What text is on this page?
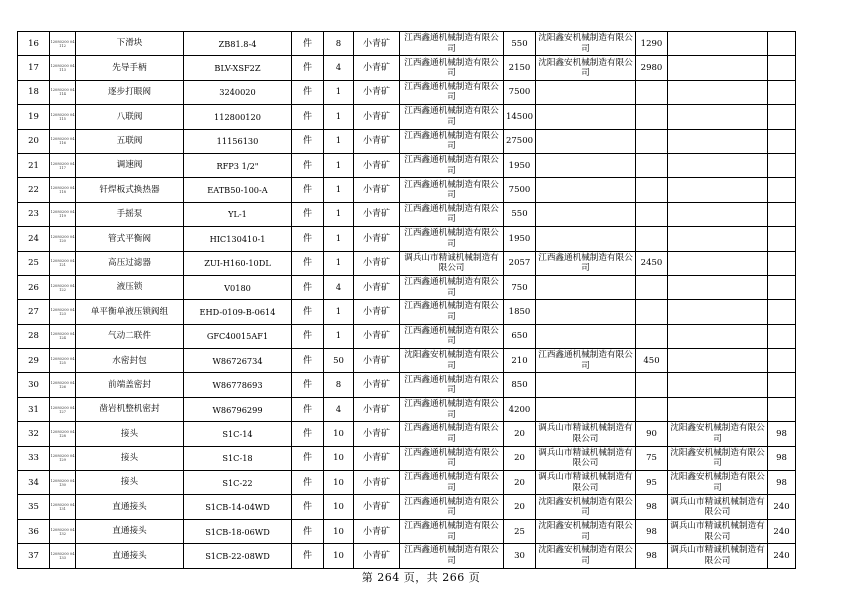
16	12080200 04112	下滑块	ZB81.8-4	件	8	小青矿	江西鑫通机械制造有限公司	550	沈阳鑫安机械制造有限公司	1290		
17	12080200 04113	先导手柄	BLV-XSF2Z	件	4	小青矿	江西鑫通机械制造有限公司	2150	沈阳鑫安机械制造有限公司	2980		
18	12080200 04114	逐步打眼阀	3240020	件	1	小青矿	江西鑫通机械制造有限公司	7500				
19	12080200 04115	八联阀	112800120	件	1	小青矿	江西鑫通机械制造有限公司	14500				
20	12080200 04116	五联阀	11156130	件	1	小青矿	江西鑫通机械制造有限公司	27500				
21	12080200 04117	调速阀	RFP3 1/2"	件	1	小青矿	江西鑫通机械制造有限公司	1950				
22	12080200 04118	钎焊板式换热器	EATB50-100-A	件	1	小青矿	江西鑫通机械制造有限公司	7500				
23	12080200 04119	手摇泵	YL-1	件	1	小青矿	江西鑫通机械制造有限公司	550				
24	12080200 04120	管式平衡阀	HIC130410-1	件	1	小青矿	江西鑫通机械制造有限公司	1950				
25	12080200 04121	高压过滤器	ZUI-H160-10DL	件	1	小青矿	调兵山市精诚机械制造有限公司	2057	江西鑫通机械制造有限公司	2450		
26	12080200 04122	液压锁	V0180	件	4	小青矿	江西鑫通机械制造有限公司	750				
27	12080200 04123	单平衡单液压锁阀组	EHD-0109-B-0614	件	1	小青矿	江西鑫通机械制造有限公司	1850				
28	12080200 04124	气动二联件	GFC40015AF1	件	1	小青矿	江西鑫通机械制造有限公司	650				
29	12080200 04125	水密封包	W86726734	件	50	小青矿	沈阳鑫安机械制造有限公司	210	江西鑫通机械制造有限公司	450		
30	12080200 04126	前端盖密封	W86778693	件	8	小青矿	江西鑫通机械制造有限公司	850				
31	12080200 04127	凿岩机整机密封	W86796299	件	4	小青矿	江西鑫通机械制造有限公司	4200				
32	12080200 04128	接头	S1C-14	件	10	小青矿	江西鑫通机械制造有限公司	20	调兵山市精诚机械制造有限公司	90	沈阳鑫安机械制造有限公司	98
33	12080200 04129	接头	S1C-18	件	10	小青矿	江西鑫通机械制造有限公司	20	调兵山市精诚机械制造有限公司	75	沈阳鑫安机械制造有限公司	98
34	12080200 04130	接头	S1C-22	件	10	小青矿	江西鑫通机械制造有限公司	20	调兵山市精诚机械制造有限公司	95	沈阳鑫安机械制造有限公司	98
35	12080200 04131	直通接头	S1CB-14-04WD	件	10	小青矿	江西鑫通机械制造有限公司	20	沈阳鑫安机械制造有限公司	98	调兵山市精诚机械制造有限公司	240
36	12080200 04132	直通接头	S1CB-18-06WD	件	10	小青矿	江西鑫通机械制造有限公司	25	沈阳鑫安机械制造有限公司	98	调兵山市精诚机械制造有限公司	240
37	12080200 04133	直通接头	S1CB-22-08WD	件	10	小青矿	江西鑫通机械制造有限公司	30	沈阳鑫安机械制造有限公司	98	调兵山市精诚机械制造有限公司	240
第 264 页，共 266 页
